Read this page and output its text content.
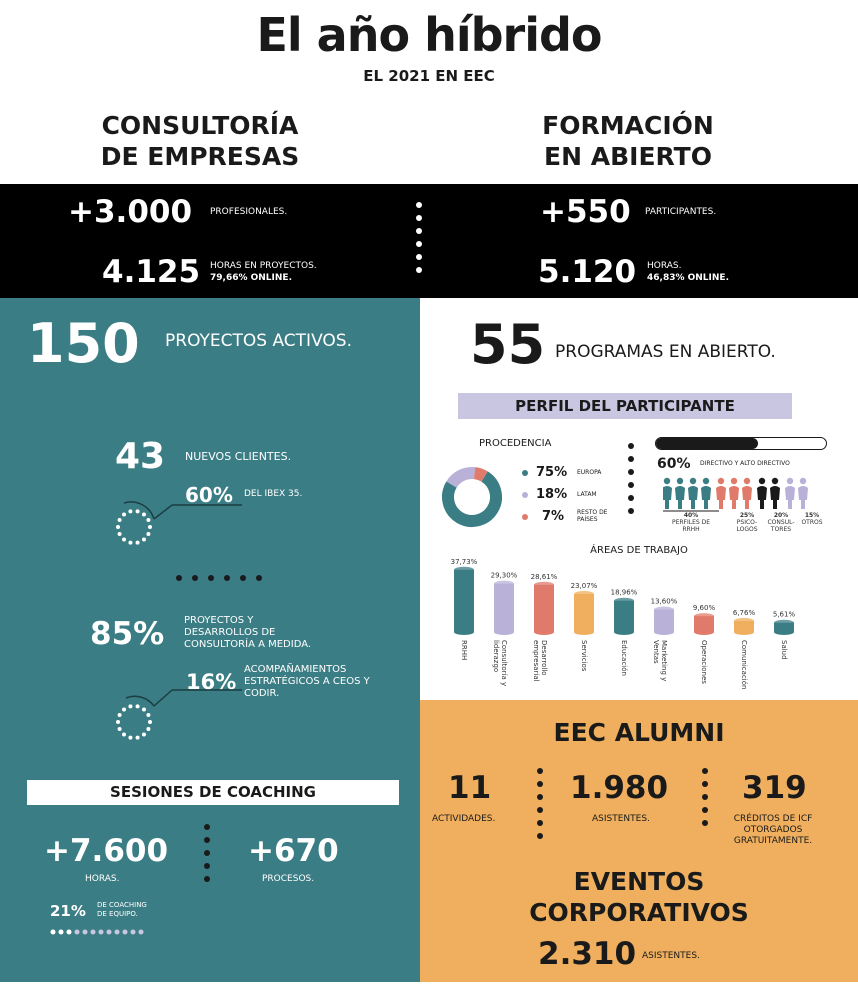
El año híbrido
EL 2021 EN EEC
CONSULTORÍA
DE EMPRESAS
FORMACIÓN
EN ABIERTO
+3.000 PROFESIONALES.
4.125 HORAS EN PROYECTOS.
79,66% ONLINE.
+550 PARTICIPANTES.
5.120 HORAS.
46,83% ONLINE.
150 PROYECTOS ACTIVOS.
43 NUEVOS CLIENTES.
60% DEL IBEX 35.
85% PROYECTOS Y
DESARROLLOS DE
CONSULTORÍA A MEDIDA.
16%
ACOMPAÑAMIENTOS
ESTRATÉGICOS A CEOS Y
CODIR.
SESIONES DE COACHING
+7.600
HORAS.
+670
PROCESOS.
21% DE COACHING
DE EQUIPO.
55 PROGRAMAS EN ABIERTO.
PERFIL DEL PARTICIPANTE
PROCEDENCIA
75% EUROPA
18% LATAM
7% RESTO DE PAÍSES
60% DIRECTIVO Y ALTO DIRECTIVO
40%
PERFILES DE RRHH
25%
PSICO- LOGOS
20%
CONSUL- TORES
15%
OTROS
ÁREAS DE TRABAJO
37,73%
29,30% 28,61%
23,07%
18,96%
13,60%
9,60%
6,76%	5,61%
RRHH	Consultoría y liderazgo	Desarrollo empresarial	Servicios	Educación	Marketing y Ventas	Operaciones	Comunicación	Salud
EEC ALUMNI
11
ACTIVIDADES.
1.980
ASISTENTES.
319
CRÉDITOS DE ICF OTORGADOS GRATUITAMENTE.
EVENTOS
CORPORATIVOS
2.310 ASISTENTES.
